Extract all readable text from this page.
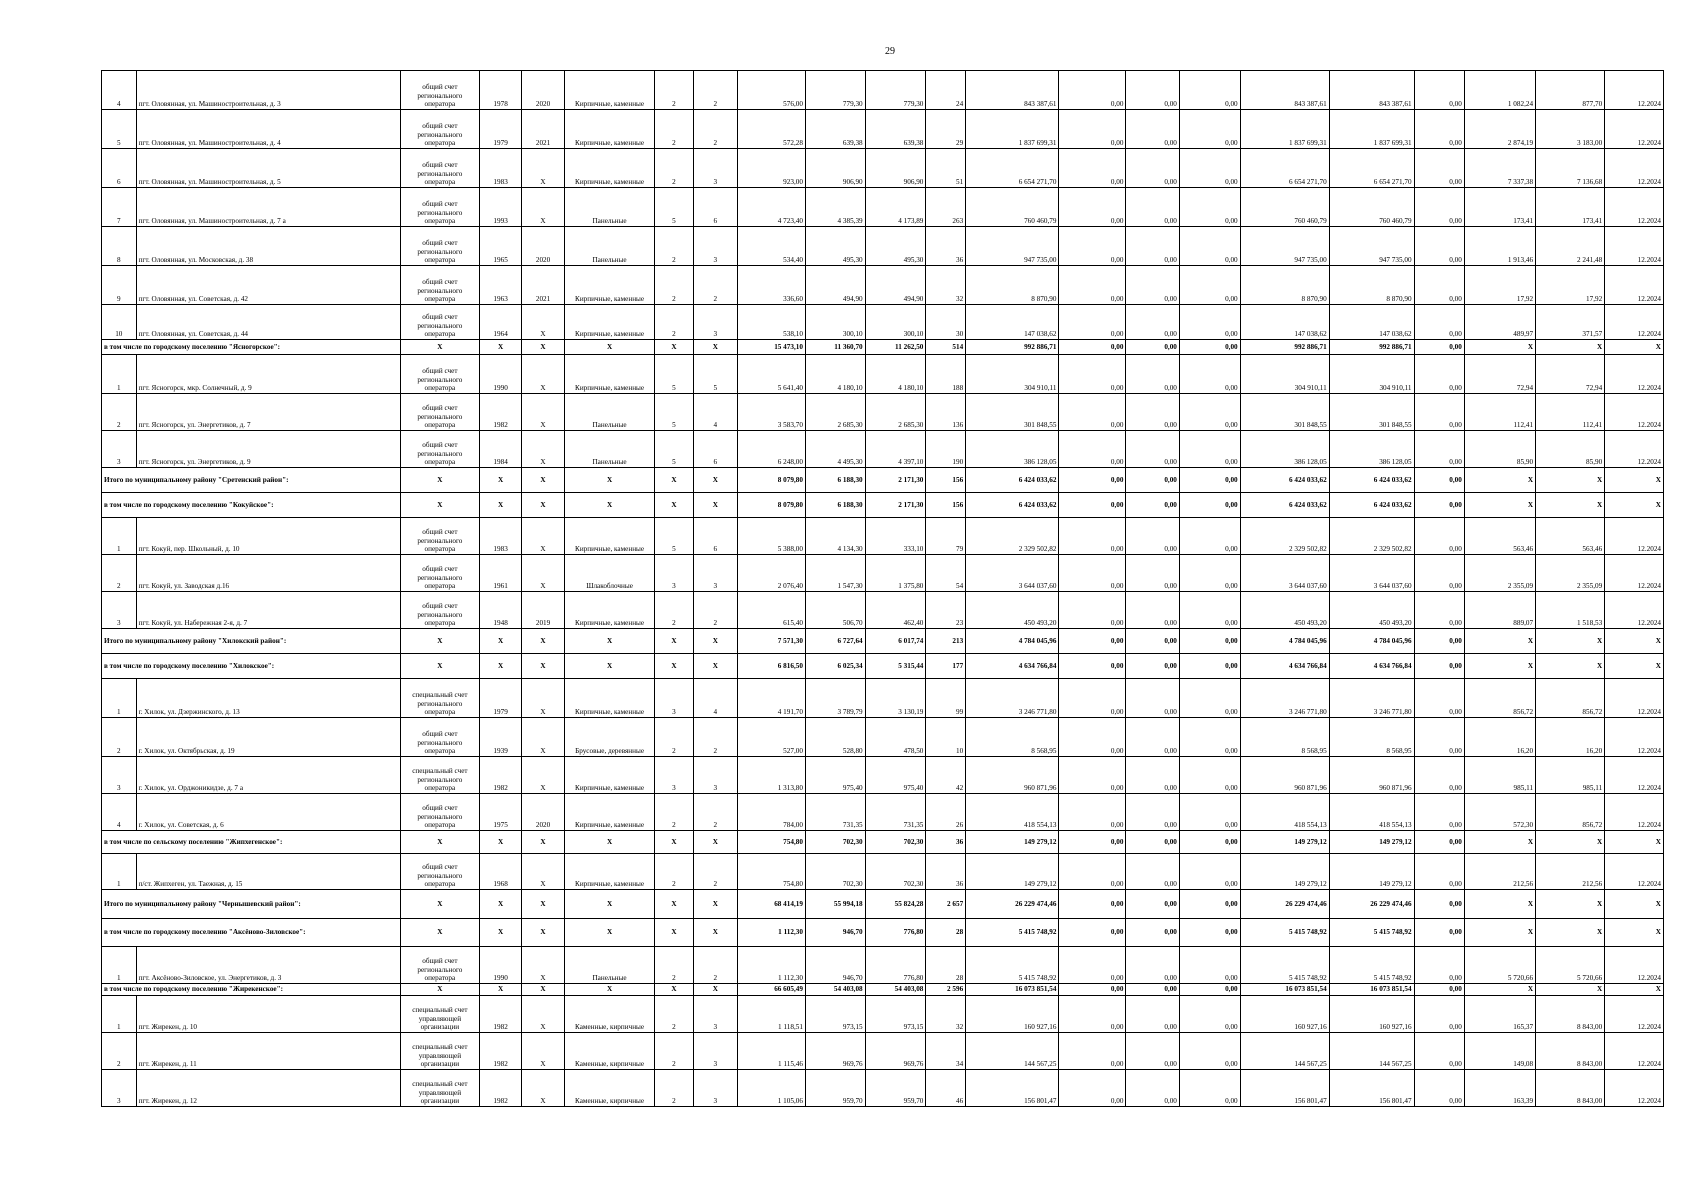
29
4	пгт. Оловянная, ул. Машиностроительная, д. 3	общий счет регионального оператора	1978	2020	Кирпичные, каменные	2	2	576,00	779,30	779,30	24	843 387,61	0,00	0,00	0,00	843 387,61	843 387,61	0,00	1 082,24	877,70	12.2024
5	пгт. Оловянная, ул. Машиностроительная, д. 4	общий счет регионального оператора	1979	2021	Кирпичные, каменные	2	2	572,28	639,38	639,38	29	1 837 699,31	0,00	0,00	0,00	1 837 699,31	1 837 699,31	0,00	2 874,19	3 183,00	12.2024
6	пгт. Оловянная, ул. Машиностроительная, д. 5	общий счет регионального оператора	1983	X	Кирпичные, каменные	2	3	923,00	906,90	906,90	51	6 654 271,70	0,00	0,00	0,00	6 654 271,70	6 654 271,70	0,00	7 337,38	7 136,68	12.2024
7	пгт. Оловянная, ул. Машиностроительная, д. 7 а	общий счет регионального оператора	1993	X	Панельные	5	6	4 723,40	4 385,39	4 173,89	263	760 460,79	0,00	0,00	0,00	760 460,79	760 460,79	0,00	173,41	173,41	12.2024
8	пгт. Оловянная, ул. Московская, д. 38	общий счет регионального оператора	1965	2020	Панельные	2	3	534,40	495,30	495,30	36	947 735,00	0,00	0,00	0,00	947 735,00	947 735,00	0,00	1 913,46	2 241,48	12.2024
9	пгт. Оловянная, ул. Советская, д. 42	общий счет регионального оператора	1963	2021	Кирпичные, каменные	2	2	336,60	494,90	494,90	32	8 870,90	0,00	0,00	0,00	8 870,90	8 870,90	0,00	17,92	17,92	12.2024
10	пгт. Оловянная, ул. Советская, д. 44	общий счет регионального оператора	1964	X	Кирпичные, каменные	2	3	538,10	300,10	300,10	30	147 038,62	0,00	0,00	0,00	147 038,62	147 038,62	0,00	489,97	371,57	12.2024
в том числе по городскому поселению "Ясногорское":		X	X	X	X	X	X	15 473,10	11 360,70	11 262,50	514	992 886,71	0,00	0,00	0,00	992 886,71	992 886,71	0,00	X	X	X
1	пгт. Ясногорск, мкр. Солнечный, д. 9	общий счет регионального оператора	1990	X	Кирпичные, каменные	5	5	5 641,40	4 180,10	4 180,10	188	304 910,11	0,00	0,00	0,00	304 910,11	304 910,11	0,00	72,94	72,94	12.2024
2	пгт. Ясногорск, ул. Энергетиков, д. 7	общий счет регионального оператора	1982	X	Панельные	5	4	3 583,70	2 685,30	2 685,30	136	301 848,55	0,00	0,00	0,00	301 848,55	301 848,55	0,00	112,41	112,41	12.2024
3	пгт. Ясногорск, ул. Энергетиков, д. 9	общий счет регионального оператора	1984	X	Панельные	5	6	6 248,00	4 495,30	4 397,10	190	386 128,05	0,00	0,00	0,00	386 128,05	386 128,05	0,00	85,90	85,90	12.2024
Итого по муниципальному району "Сретенский район":		X	X	X	X	X	X	8 079,80	6 188,30	2 171,30	156	6 424 033,62	0,00	0,00	0,00	6 424 033,62	6 424 033,62	0,00	X	X	X
в том числе по городскому поселению "Кокуйское":		X	X	X	X	X	X	8 079,80	6 188,30	2 171,30	156	6 424 033,62	0,00	0,00	0,00	6 424 033,62	6 424 033,62	0,00	X	X	X
1	пгт. Кокуй, пер. Школьный, д. 10	общий счет регионального оператора	1983	X	Кирпичные, каменные	5	6	5 388,00	4 134,30	333,10	79	2 329 502,82	0,00	0,00	0,00	2 329 502,82	2 329 502,82	0,00	563,46	563,46	12.2024
2	пгт. Кокуй, ул. Заводская д.16	общий счет регионального оператора	1961	X	Шлакоблочные	3	3	2 076,40	1 547,30	1 375,80	54	3 644 037,60	0,00	0,00	0,00	3 644 037,60	3 644 037,60	0,00	2 355,09	2 355,09	12.2024
3	пгт. Кокуй, ул. Набережная 2-я, д. 7	общий счет регионального оператора	1948	2019	Кирпичные, каменные	2	2	615,40	506,70	462,40	23	450 493,20	0,00	0,00	0,00	450 493,20	450 493,20	0,00	889,07	1 518,53	12.2024
Итого по муниципальному району "Хилокский район":		X	X	X	X	X	X	7 571,30	6 727,64	6 017,74	213	4 784 045,96	0,00	0,00	0,00	4 784 045,96	4 784 045,96	0,00	X	X	X
в том числе по городскому поселению "Хилокское":		X	X	X	X	X	X	6 816,50	6 025,34	5 315,44	177	4 634 766,84	0,00	0,00	0,00	4 634 766,84	4 634 766,84	0,00	X	X	X
1	г. Хилок, ул. Дзержинского, д. 13	специальный счет регионального оператора	1979	X	Кирпичные, каменные	3	4	4 191,70	3 789,79	3 130,19	99	3 246 771,80	0,00	0,00	0,00	3 246 771,80	3 246 771,80	0,00	856,72	856,72	12.2024
2	г. Хилок, ул. Октябрьская, д. 19	общий счет регионального оператора	1939	X	Брусовые, деревянные	2	2	527,00	528,80	478,50	10	8 568,95	0,00	0,00	0,00	8 568,95	8 568,95	0,00	16,20	16,20	12.2024
3	г. Хилок, ул. Орджоникидзе, д. 7 а	специальный счет регионального оператора	1982	X	Кирпичные, каменные	3	3	1 313,80	975,40	975,40	42	960 871,96	0,00	0,00	0,00	960 871,96	960 871,96	0,00	985,11	985,11	12.2024
4	г. Хилок, ул. Советская, д. 6	общий счет регионального оператора	1975	2020	Кирпичные, каменные	2	2	784,00	731,35	731,35	26	418 554,13	0,00	0,00	0,00	418 554,13	418 554,13	0,00	572,30	856,72	12.2024
в том числе по сельскому поселению "Жипхегенское":		X	X	X	X	X	X	754,80	702,30	702,30	36	149 279,12	0,00	0,00	0,00	149 279,12	149 279,12	0,00	X	X	X
1	п/ст. Жипхеген, ул. Таежная, д. 15	общий счет регионального оператора	1968	X	Кирпичные, каменные	2	2	754,80	702,30	702,30	36	149 279,12	0,00	0,00	0,00	149 279,12	149 279,12	0,00	212,56	212,56	12.2024
Итого по муниципальному району "Чернышевский район":		X	X	X	X	X	X	68 414,19	55 994,18	55 824,28	2 657	26 229 474,46	0,00	0,00	0,00	26 229 474,46	26 229 474,46	0,00	X	X	X
в том числе по городскому поселению "Аксёново-Зиловское":		X	X	X	X	X	X	1 112,30	946,70	776,80	28	5 415 748,92	0,00	0,00	0,00	5 415 748,92	5 415 748,92	0,00	X	X	X
1	пгт. Аксёново-Зиловское, ул. Энергетиков, д. 3	общий счет регионального оператора	1990	X	Панельные	2	2	1 112,30	946,70	776,80	28	5 415 748,92	0,00	0,00	0,00	5 415 748,92	5 415 748,92	0,00	5 720,66	5 720,66	12.2024
в том числе по городскому поселению "Жирекенское":		X	X	X	X	X	X	66 605,49	54 403,08	54 403,08	2 596	16 073 851,54	0,00	0,00	0,00	16 073 851,54	16 073 851,54	0,00	X	X	X
1	пгт. Жирекен, д. 10	специальный счет управляющей организации	1982	X	Каменные, кирпичные	2	3	1 118,51	973,15	973,15	32	160 927,16	0,00	0,00	0,00	160 927,16	160 927,16	0,00	165,37	8 843,00	12.2024
2	пгт. Жирекен, д. 11	специальный счет управляющей организации	1982	X	Каменные, кирпичные	2	3	1 115,46	969,76	969,76	34	144 567,25	0,00	0,00	0,00	144 567,25	144 567,25	0,00	149,08	8 843,00	12.2024
3	пгт. Жирекен, д. 12	специальный счет управляющей организации	1982	X	Каменные, кирпичные	2	3	1 105,06	959,70	959,70	46	156 801,47	0,00	0,00	0,00	156 801,47	156 801,47	0,00	163,39	8 843,00	12.2024
